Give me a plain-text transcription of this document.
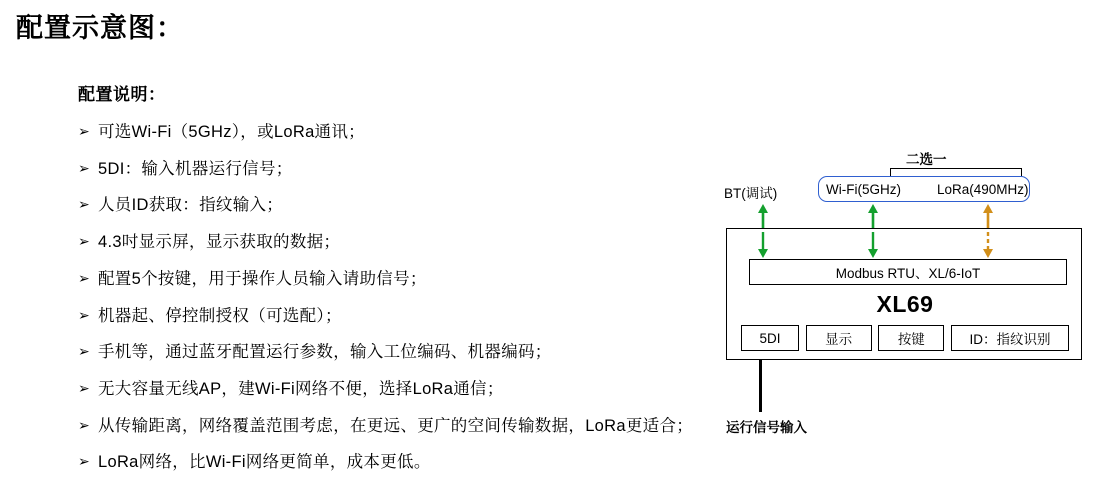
配置示意图：
配置说明：
➢ 可选Wi-Fi（5GHz），或LoRa通讯；
➢ 5DI：输入机器运行信号；
➢ 人员ID获取：指纹输入；
➢ 4.3吋显示屏，显示获取的数据；
➢ 配置5个按键，用于操作人员输入请助信号；
➢ 机器起、停控制授权（可选配）；
➢ 手机等，通过蓝牙配置运行参数，输入工位编码、机器编码；
➢ 无大容量无线AP，建Wi-Fi网络不便，选择LoRa通信；
➢ 从传输距离，网络覆盖范围考虑，在更远、更广的空间传输数据，LoRa更适合；
➢ LoRa网络，比Wi-Fi网络更简单，成本更低。
二选一
BT(调试)	Wi-Fi(5GHz)	LoRa(490MHz)
Modbus RTU、XL/6-IoT
XL69
5DI	显示	按键	ID：指纹识别
运行信号输入
